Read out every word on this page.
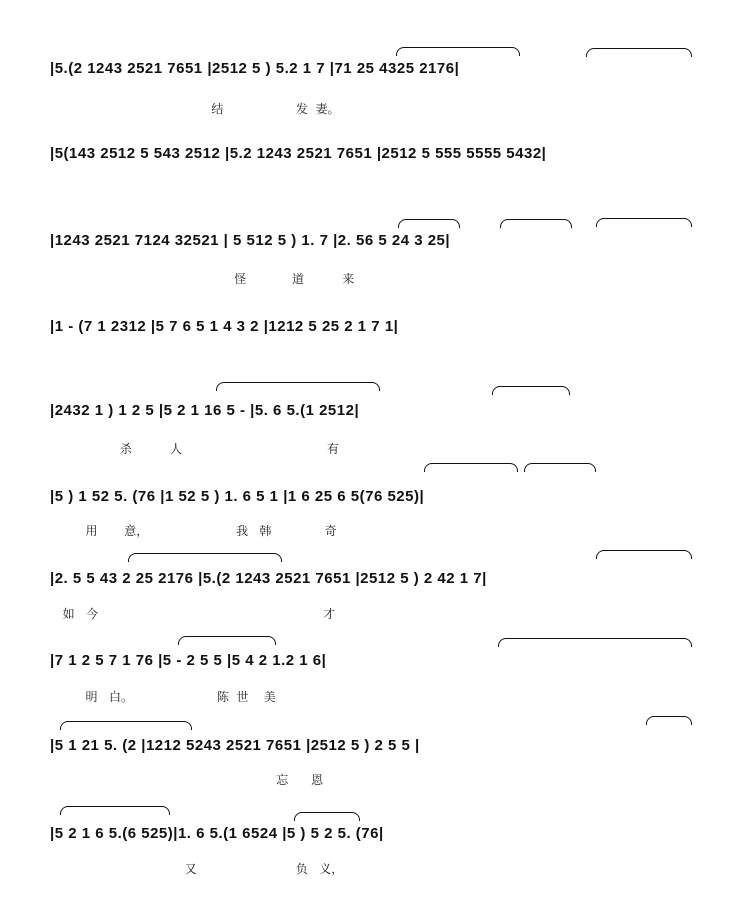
|5.(2 1243 2521 7651 |2512 5 ) 5.2 1 7 |71 25 4325 2176|
结                   发  妻。
|5(143 2512 5 543 2512 |5.2 1243 2521 7651 |2512 5 555 5555 5432|
|1243 2521 7124 32521 | 5 512 5 ) 1. 7 |2. 56 5 24 3 25|
怪            道          来
|1 - (7 1 2312 |5 7 6 5 1 4 3 2 |1212 5 25 2 1 7 1|
|2432 1 ) 1 2 5 |5 2 1 16 5 - |5. 6 5.(1 2512|
杀          人                                      有
|5 ) 1 52 5. (76 |1 52 5 ) 1. 6 5 1 |1 6 25 6 5(76 525)|
用       意，                       我   韩              奇
|2. 5 5 43 2 25 2176 |5.(2 1243 2521 7651 |2512 5 ) 2 42 1 7|
如   今                                                           才
|7 1 2 5 7 1 76 |5 - 2 5 5 |5 4 2 1.2 1 6|
明   白。                      陈  世    美
|5 1 21 5. (2 |1212 5243 2521 7651 |2512 5 ) 2 5 5 |
忘      恩
|5 2 1 6 5.(6 525)|1. 6 5.(1 6524 |5 ) 5 2 5. (76|
又                          负   义，
